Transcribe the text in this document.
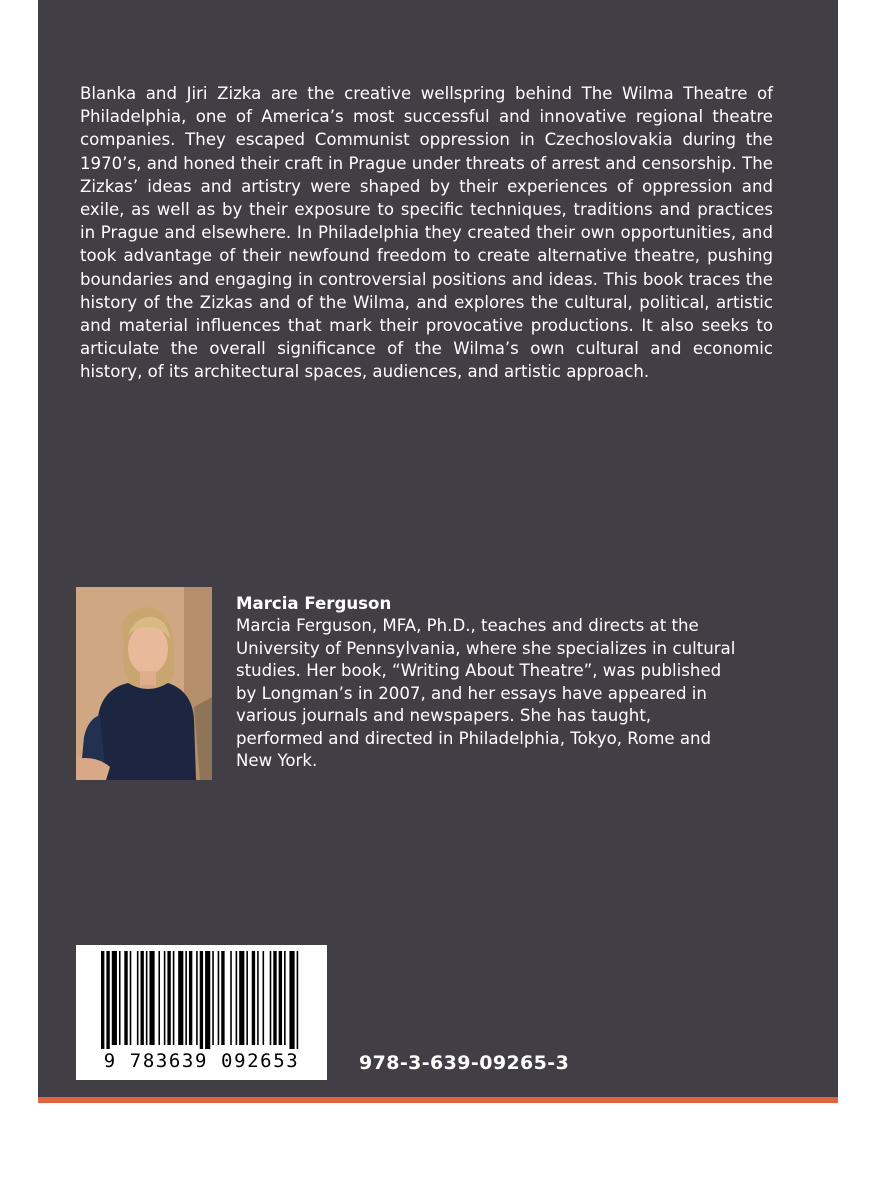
Blanka and Jiri Zizka are the creative wellspring behind The Wilma Theatre of Philadelphia, one of America’s most successful and innovative regional theatre companies. They escaped Communist oppression in Czechoslovakia during the 1970’s, and honed their craft in Prague under threats of arrest and censorship. The Zizkas’ ideas and artistry were shaped by their experiences of oppression and exile, as well as by their exposure to specific techniques, traditions and practices in Prague and elsewhere. In Philadelphia they created their own opportunities, and took advantage of their newfound freedom to create alternative theatre, pushing boundaries and engaging in controversial positions and ideas. This book traces the history of the Zizkas and of the Wilma, and explores the cultural, political, artistic and material influences that mark their provocative productions. It also seeks to articulate the overall significance of the Wilma’s own cultural and economic history, of its architectural spaces, audiences, and artistic approach.

Marcia Ferguson

Marcia Ferguson, MFA, Ph.D., teaches and directs at the University of Pennsylvania, where she specializes in cultural studies. Her book, “Writing About Theatre”, was published by Longman’s in 2007, and her essays have appeared in various journals and newspapers. She has taught, performed and directed in Philadelphia, Tokyo, Rome and New York.

9 783639 092653	978-3-639-09265-3
